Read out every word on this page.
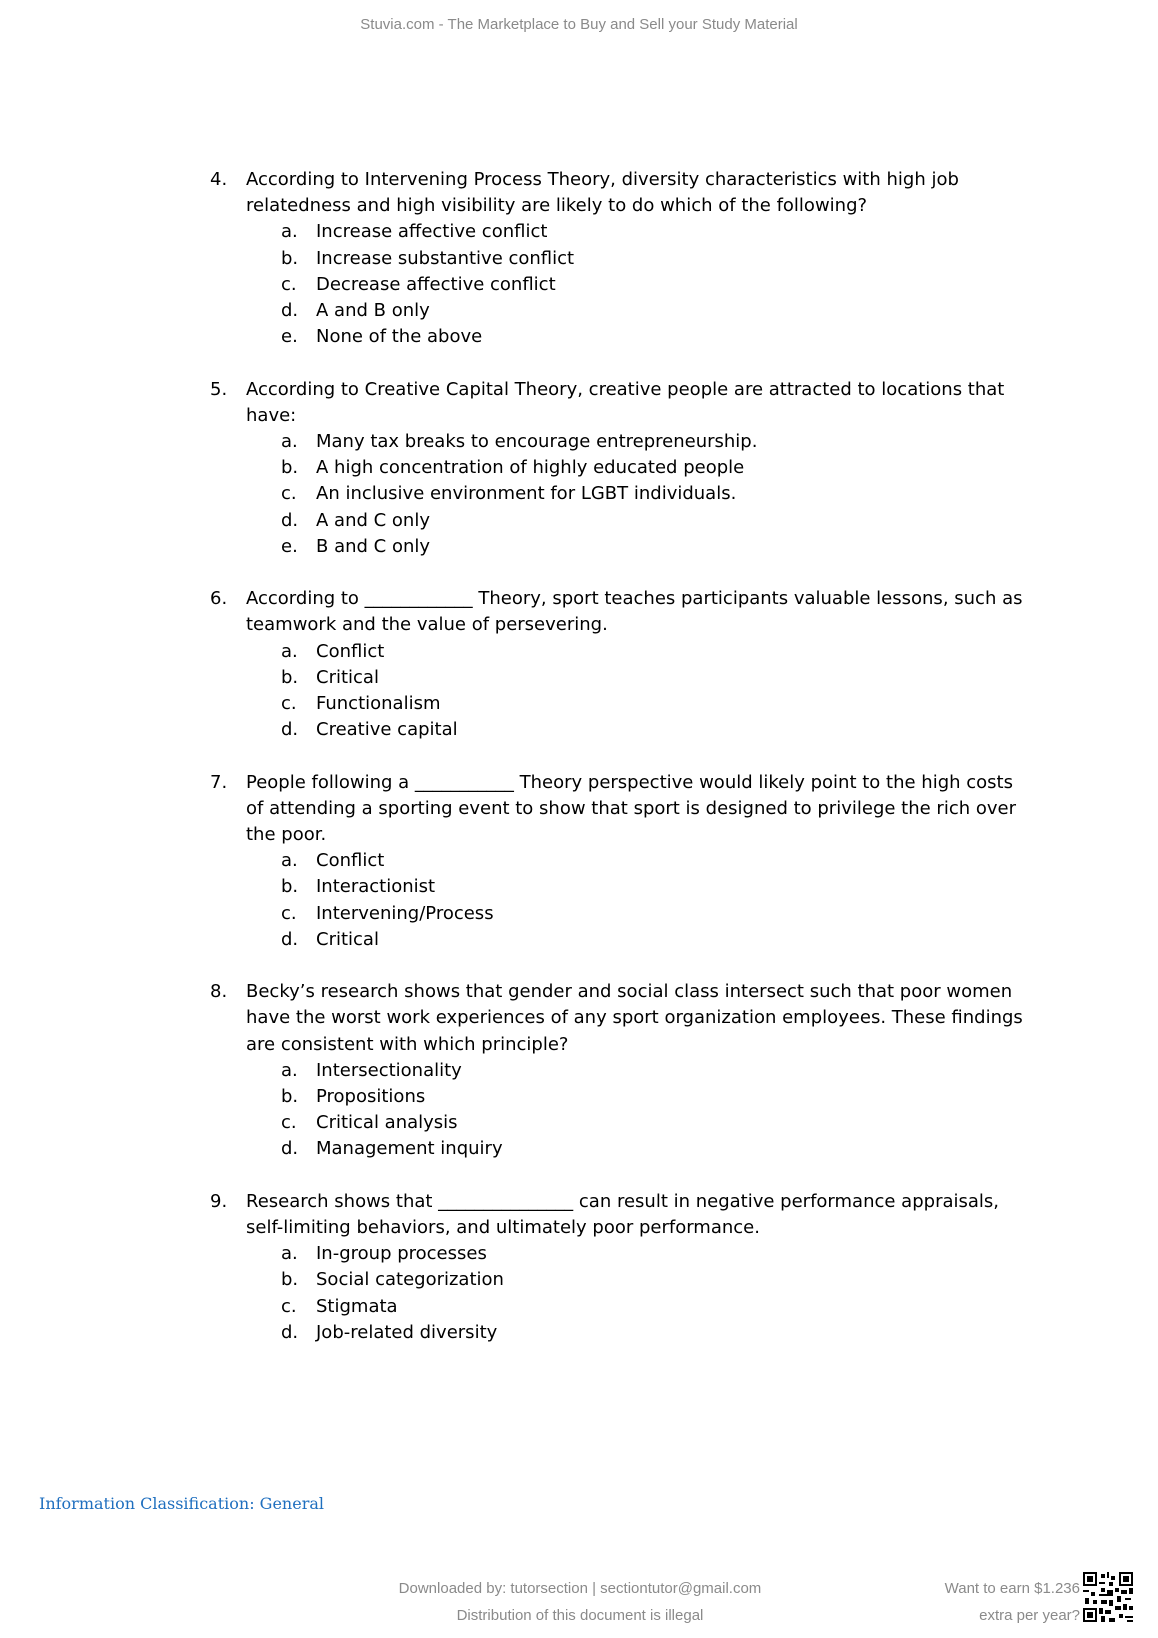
Stuvia.com - The Marketplace to Buy and Sell your Study Material
4. According to Intervening Process Theory, diversity characteristics with high job relatedness and high visibility are likely to do which of the following?
a. Increase affective conflict
b. Increase substantive conflict
c. Decrease affective conflict
d. A and B only
e. None of the above
5. According to Creative Capital Theory, creative people are attracted to locations that have:
a. Many tax breaks to encourage entrepreneurship.
b. A high concentration of highly educated people
c. An inclusive environment for LGBT individuals.
d. A and C only
e. B and C only
6. According to ____________ Theory, sport teaches participants valuable lessons, such as teamwork and the value of persevering.
a. Conflict
b. Critical
c. Functionalism
d. Creative capital
7. People following a ___________ Theory perspective would likely point to the high costs of attending a sporting event to show that sport is designed to privilege the rich over the poor.
a. Conflict
b. Interactionist
c. Intervening/Process
d. Critical
8. Becky’s research shows that gender and social class intersect such that poor women have the worst work experiences of any sport organization employees. These findings are consistent with which principle?
a. Intersectionality
b. Propositions
c. Critical analysis
d. Management inquiry
9. Research shows that _______________ can result in negative performance appraisals, self-limiting behaviors, and ultimately poor performance.
a. In-group processes
b. Social categorization
c. Stigmata
d. Job-related diversity
Information Classification: General
Downloaded by: tutorsection | sectiontutor@gmail.com
Distribution of this document is illegal
Want to earn $1.236
extra per year?
